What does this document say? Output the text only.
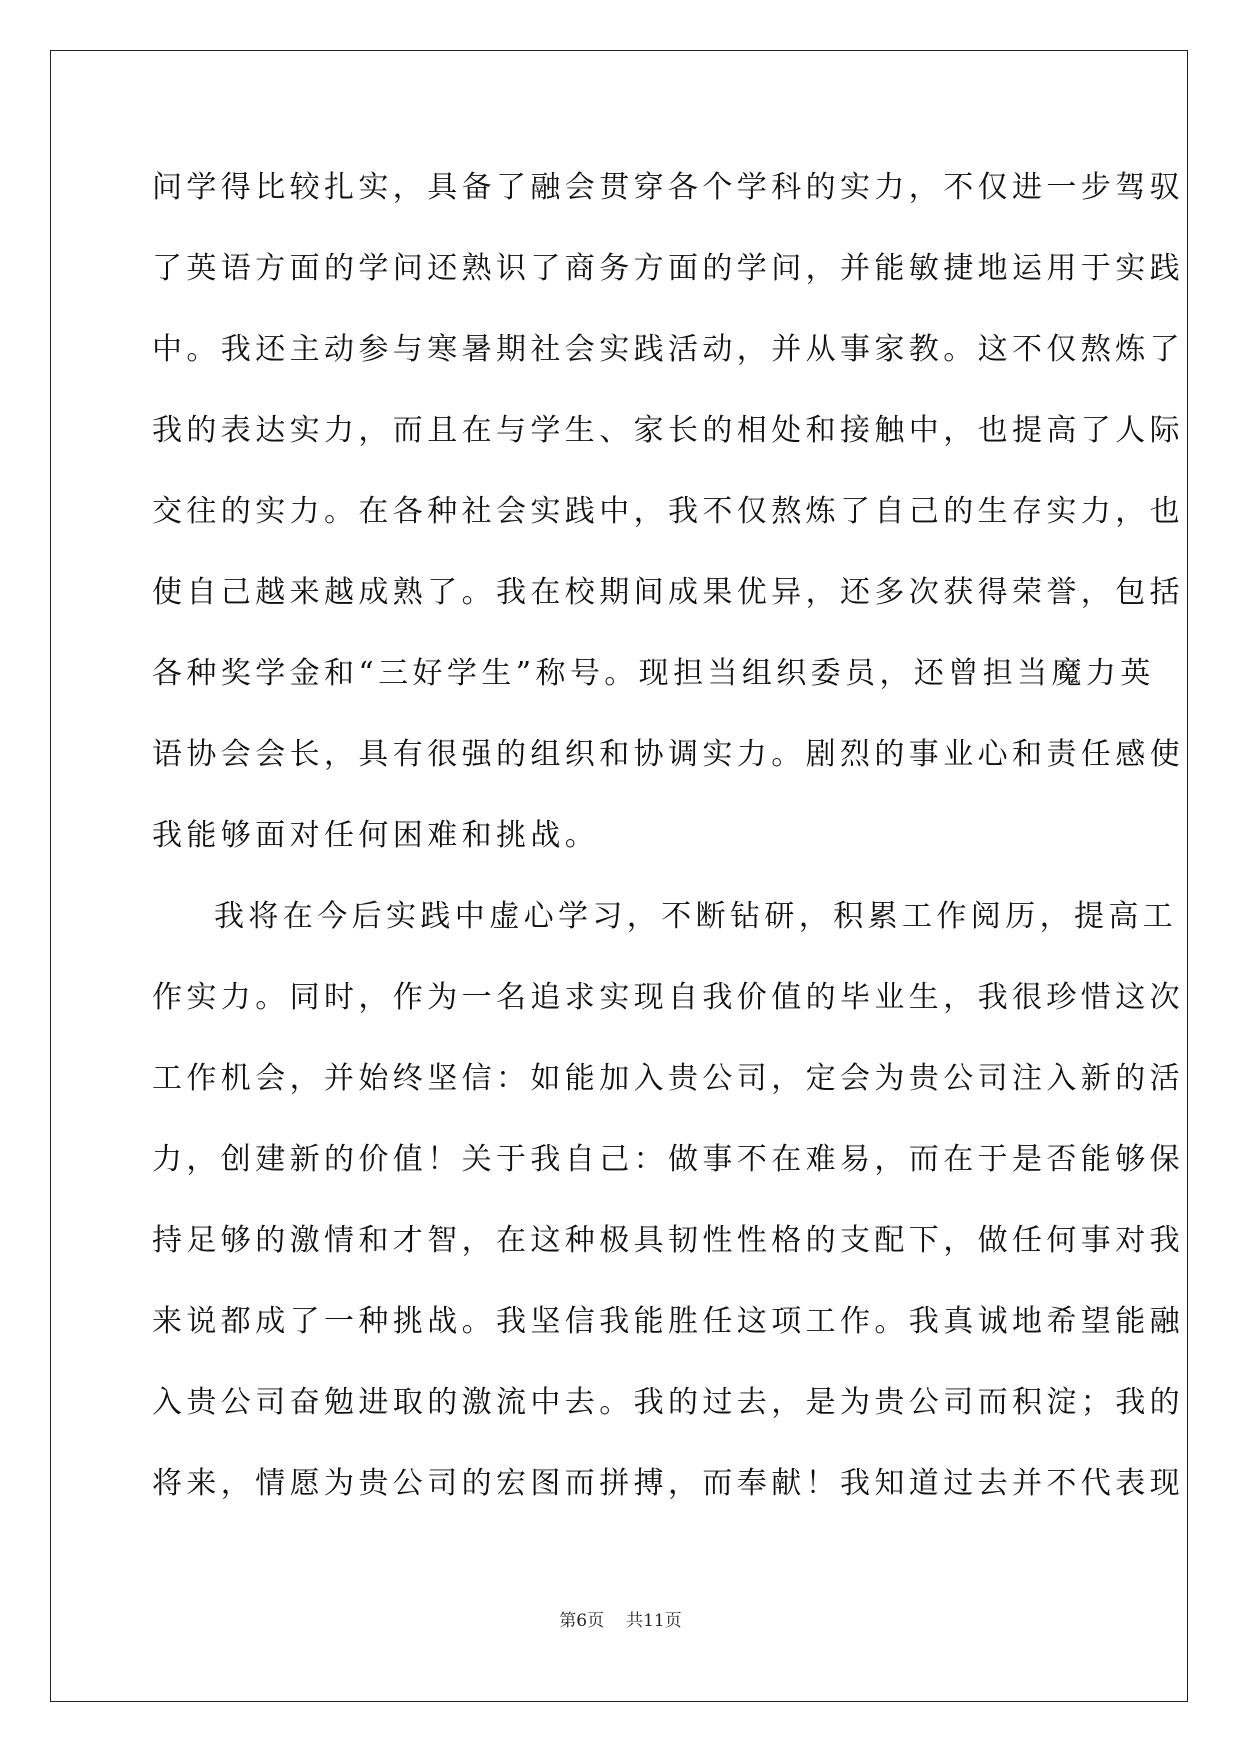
问学得比较扎实，具备了融会贯穿各个学科的实力，不仅进一步驾驭
了英语方面的学问还熟识了商务方面的学问，并能敏捷地运用于实践
中。我还主动参与寒暑期社会实践活动，并从事家教。这不仅熬炼了
我的表达实力，而且在与学生、家长的相处和接触中，也提高了人际
交往的实力。在各种社会实践中，我不仅熬炼了自己的生存实力，也
使自己越来越成熟了。我在校期间成果优异，还多次获得荣誉，包括
各种奖学金和“三好学生”称号。现担当组织委员，还曾担当魔力英
语协会会长，具有很强的组织和协调实力。剧烈的事业心和责任感使
我能够面对任何困难和挑战。
我将在今后实践中虚心学习，不断钻研，积累工作阅历，提高工
作实力。同时，作为一名追求实现自我价值的毕业生，我很珍惜这次
工作机会，并始终坚信：如能加入贵公司，定会为贵公司注入新的活
力，创建新的价值！关于我自己：做事不在难易，而在于是否能够保
持足够的激情和才智，在这种极具韧性性格的支配下，做任何事对我
来说都成了一种挑战。我坚信我能胜任这项工作。我真诚地希望能融
入贵公司奋勉进取的激流中去。我的过去，是为贵公司而积淀；我的
将来，情愿为贵公司的宏图而拼搏，而奉献！我知道过去并不代表现
第6页 共11页
